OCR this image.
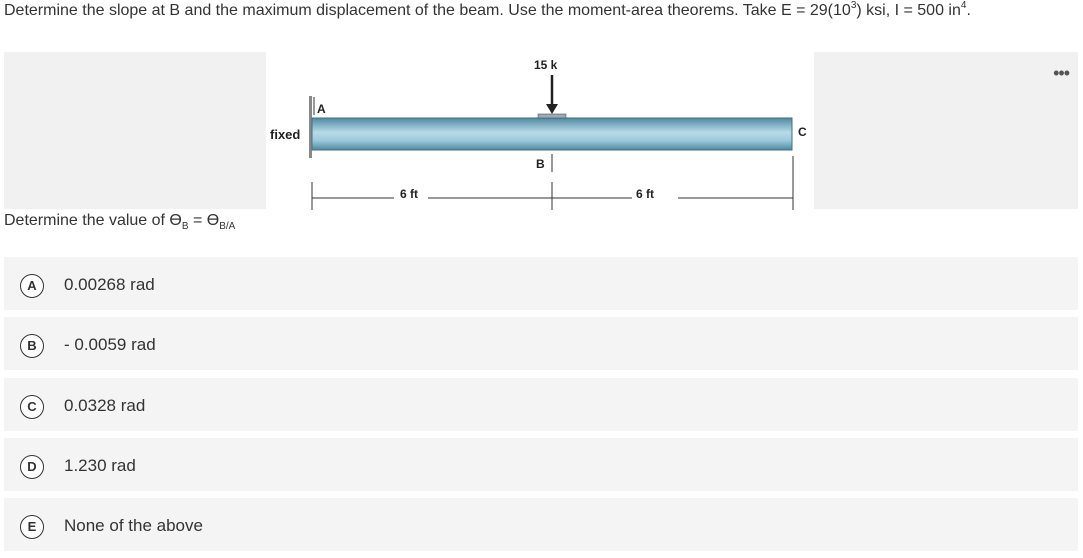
Determine the slope at B and the maximum displacement of the beam. Use the moment-area theorems. Take $E = 29(10^3)$ ksi, I = 500 $in^4$.
•••
15 k
fixed
A
B
C
6 ft	6 ft
Determine the value of $ϴ_B = ϴ_{B/A}$
A	0.00268 rad
B	- 0.0059 rad
C	0.0328 rad
D	1.230 rad
E	None of the above
